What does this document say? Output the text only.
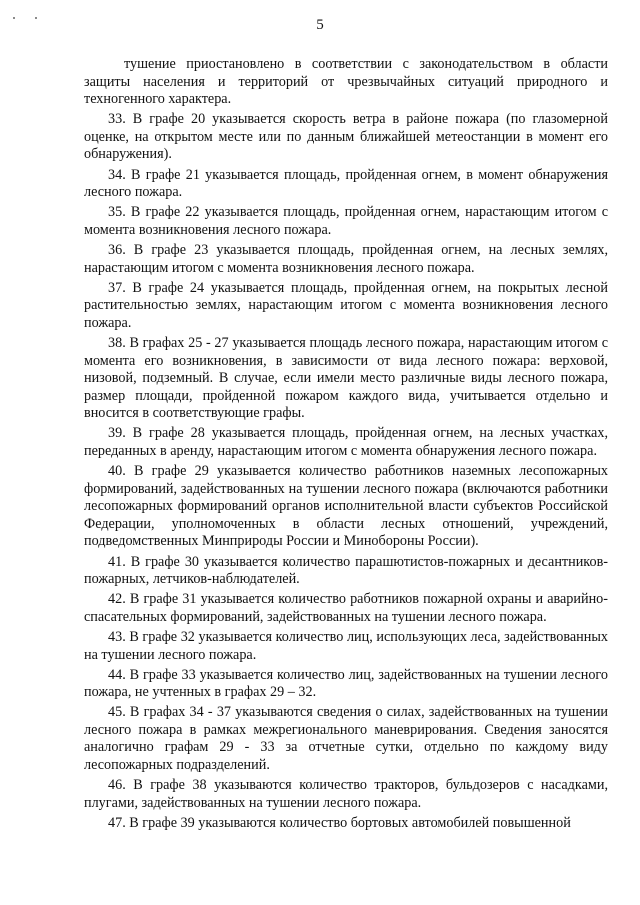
5

тушение приостановлено в соответствии с законодательством в области защиты населения и территорий от чрезвычайных ситуаций природного и техногенного характера.

33. В графе 20 указывается скорость ветра в районе пожара (по глазомерной оценке, на открытом месте или по данным ближайшей метеостанции в момент его обнаружения).

34. В графе 21 указывается площадь, пройденная огнем, в момент обнаружения лесного пожара.

35. В графе 22 указывается площадь, пройденная огнем, нарастающим итогом с момента возникновения лесного пожара.

36. В графе 23 указывается площадь, пройденная огнем, на лесных землях, нарастающим итогом с момента возникновения лесного пожара.

37. В графе 24 указывается площадь, пройденная огнем, на покрытых лесной растительностью землях, нарастающим итогом с момента возникновения лесного пожара.

38. В графах 25 - 27 указывается площадь лесного пожара, нарастающим итогом с момента его возникновения, в зависимости от вида лесного пожара: верховой, низовой, подземный. В случае, если имели место различные виды лесного пожара, размер площади, пройденной пожаром каждого вида, учитывается отдельно и вносится в соответствующие графы.

39. В графе 28 указывается площадь, пройденная огнем, на лесных участках, переданных в аренду, нарастающим итогом с момента обнаружения лесного пожара.

40. В графе 29 указывается количество работников наземных лесопожарных формирований, задействованных на тушении лесного пожара (включаются работники лесопожарных формирований органов исполнительной власти субъектов Российской Федерации, уполномоченных в области лесных отношений, учреждений, подведомственных Минприроды России и Минобороны России).

41. В графе 30 указывается количество парашютистов-пожарных и десантников-пожарных, летчиков-наблюдателей.

42. В графе 31 указывается количество работников пожарной охраны и аварийно-спасательных формирований, задействованных на тушении лесного пожара.

43. В графе 32 указывается количество лиц, использующих леса, задействованных на тушении лесного пожара.

44. В графе 33 указывается количество лиц, задействованных на тушении лесного пожара, не учтенных в графах 29 – 32.

45. В графах 34 - 37 указываются сведения о силах, задействованных на тушении лесного пожара в рамках межрегионального маневрирования. Сведения заносятся аналогично графам 29 - 33 за отчетные сутки, отдельно по каждому виду лесопожарных подразделений.

46. В графе 38 указываются количество тракторов, бульдозеров с насадками, плугами, задействованных на тушении лесного пожара.

47. В графе 39 указываются количество бортовых автомобилей повышенной
